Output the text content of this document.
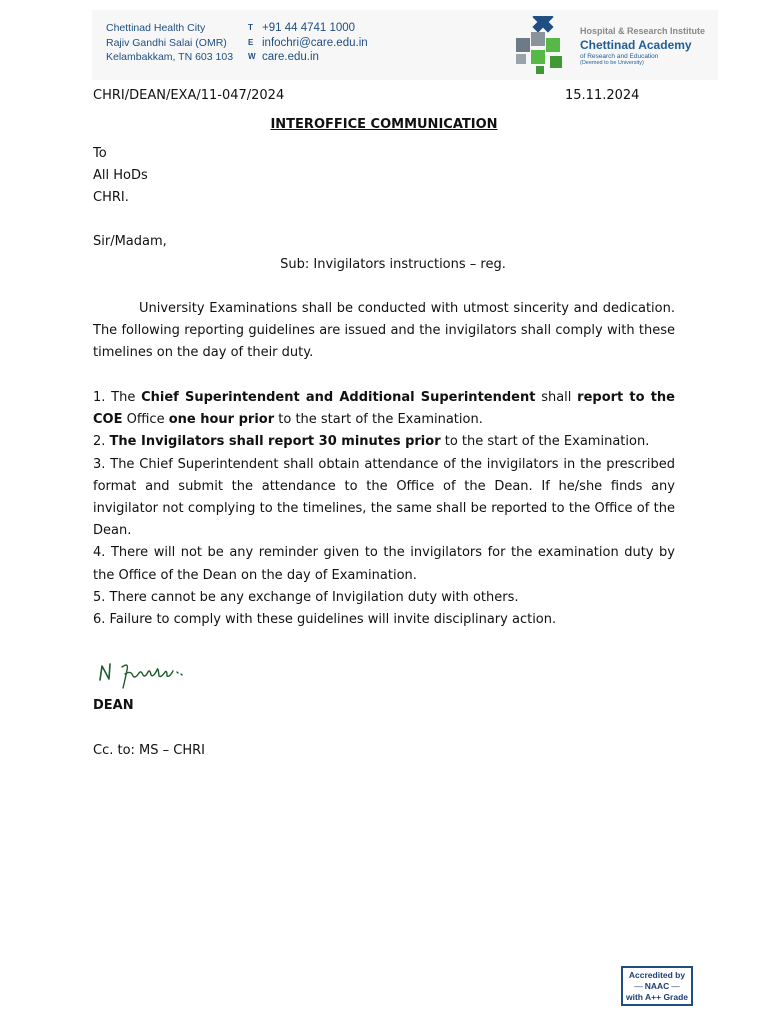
Chettinad Health City
Rajiv Gandhi Salai (OMR)
Kelambakkam, TN 603 103
T +91 44 4741 1000
E infochri@care.edu.in
W care.edu.in
Hospital & Research Institute
Chettinad Academy
of Research and Education
(Deemed to be University)
CHRI/DEAN/EXA/11-047/2024	15.11.2024
INTEROFFICE COMMUNICATION
To
All HoDs
CHRI.
Sir/Madam,
Sub: Invigilators instructions – reg.
University Examinations shall be conducted with utmost sincerity and dedication. The following reporting guidelines are issued and the invigilators shall comply with these timelines on the day of their duty.

1. The Chief Superintendent and Additional Superintendent shall report to the COE Office one hour prior to the start of the Examination.

2. The Invigilators shall report 30 minutes prior to the start of the Examination.

3. The Chief Superintendent shall obtain attendance of the invigilators in the prescribed format and submit the attendance to the Office of the Dean. If he/she finds any invigilator not complying to the timelines, the same shall be reported to the Office of the Dean.

4. There will not be any reminder given to the invigilators for the examination duty by the Office of the Dean on the day of Examination.

5. There cannot be any exchange of Invigilation duty with others.

6. Failure to comply with these guidelines will invite disciplinary action.

DEAN
Cc. to: MS – CHRI
Accredited by
— NAAC —
with A++ Grade
